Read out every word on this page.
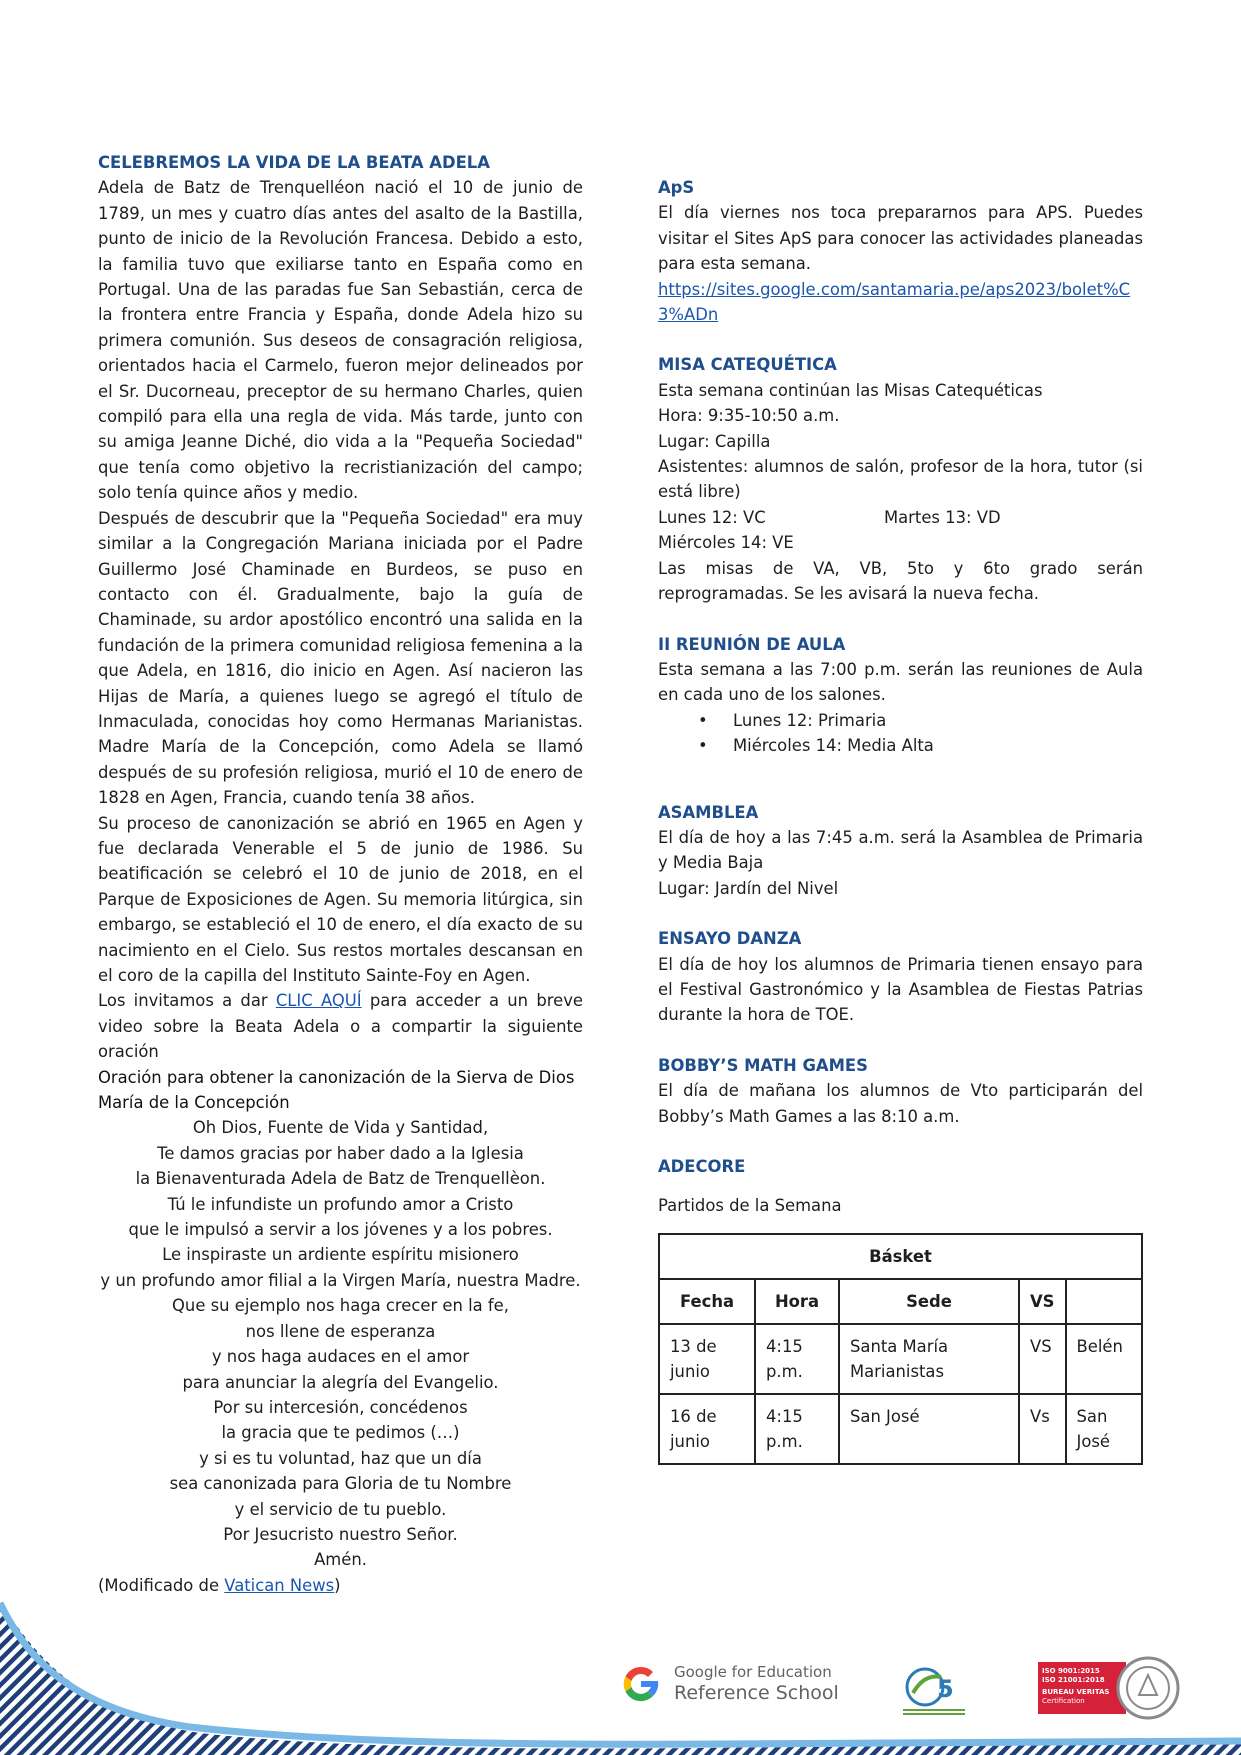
CELEBREMOS LA VIDA DE LA BEATA ADELA

Adela de Batz de Trenquelléon nació el 10 de junio de 1789, un mes y cuatro días antes del asalto de la Bastilla, punto de inicio de la Revolución Francesa. Debido a esto, la familia tuvo que exiliarse tanto en España como en Portugal. Una de las paradas fue San Sebastián, cerca de la frontera entre Francia y España, donde Adela hizo su primera comunión. Sus deseos de consagración religiosa, orientados hacia el Carmelo, fueron mejor delineados por el Sr. Ducorneau, preceptor de su hermano Charles, quien compiló para ella una regla de vida. Más tarde, junto con su amiga Jeanne Diché, dio vida a la "Pequeña Sociedad" que tenía como objetivo la recristianización del campo; solo tenía quince años y medio.

Después de descubrir que la "Pequeña Sociedad" era muy similar a la Congregación Mariana iniciada por el Padre Guillermo José Chaminade en Burdeos, se puso en contacto con él. Gradualmente, bajo la guía de Chaminade, su ardor apostólico encontró una salida en la fundación de la primera comunidad religiosa femenina a la que Adela, en 1816, dio inicio en Agen. Así nacieron las Hijas de María, a quienes luego se agregó el título de Inmaculada, conocidas hoy como Hermanas Marianistas. Madre María de la Concepción, como Adela se llamó después de su profesión religiosa, murió el 10 de enero de 1828 en Agen, Francia, cuando tenía 38 años.

Su proceso de canonización se abrió en 1965 en Agen y fue declarada Venerable el 5 de junio de 1986. Su beatificación se celebró el 10 de junio de 2018, en el Parque de Exposiciones de Agen. Su memoria litúrgica, sin embargo, se estableció el 10 de enero, el día exacto de su nacimiento en el Cielo. Sus restos mortales descansan en el coro de la capilla del Instituto Sainte-Foy en Agen.

Los invitamos a dar CLIC AQUÍ para acceder a un breve video sobre la Beata Adela o a compartir la siguiente oración

Oración para obtener la canonización de la Sierva de Dios María de la Concepción

Oh Dios, Fuente de Vida y Santidad,

Te damos gracias por haber dado a la Iglesia

la Bienaventurada Adela de Batz de Trenquellèon.

Tú le infundiste un profundo amor a Cristo

que le impulsó a servir a los jóvenes y a los pobres.

Le inspiraste un ardiente espíritu misionero

y un profundo amor filial a la Virgen María, nuestra Madre.

Que su ejemplo nos haga crecer en la fe,

nos llene de esperanza

y nos haga audaces en el amor

para anunciar la alegría del Evangelio.

Por su intercesión, concédenos

la gracia que te pedimos (…)

y si es tu voluntad, haz que un día

sea canonizada para Gloria de tu Nombre

y el servicio de tu pueblo.

Por Jesucristo nuestro Señor.

Amén.

(Modificado de Vatican News)

ApS

El día viernes nos toca prepararnos para APS. Puedes visitar el Sites ApS para conocer las actividades planeadas para esta semana.

https://sites.google.com/santamaria.pe/aps2023/bolet%C3%ADn
MISA CATEQUÉTICA

Esta semana continúan las Misas Catequéticas

Hora: 9:35-10:50 a.m.

Lugar: Capilla

Asistentes: alumnos de salón, profesor de la hora, tutor (si está libre)

Lunes 12: VC	Martes 13: VD

Miércoles 14: VE

Las misas de VA, VB, 5to y 6to grado serán reprogramadas. Se les avisará la nueva fecha.

II REUNIÓN DE AULA

Esta semana a las 7:00 p.m. serán las reuniones de Aula en cada uno de los salones.

• Lunes 12: Primaria
• Miércoles 14: Media Alta
ASAMBLEA

El día de hoy a las 7:45 a.m. será la Asamblea de Primaria y Media Baja

Lugar: Jardín del Nivel

ENSAYO DANZA

El día de hoy los alumnos de Primaria tienen ensayo para el Festival Gastronómico y la Asamblea de Fiestas Patrias durante la hora de TOE.

BOBBY’S MATH GAMES

El día de mañana los alumnos de Vto participarán del Bobby’s Math Games a las 8:10 a.m.

ADECORE

Partidos de la Semana

Básket				
Fecha	Hora	Sede	VS	
13 de junio	4:15 p.m.	Santa María Marianistas	VS	Belén
16 de junio	4:15 p.m.	San José	Vs	San José
Google for Education
Reference School	5
ISO 9001:2015
ISO 21001:2018
BUREAU VERITAS
Certification
